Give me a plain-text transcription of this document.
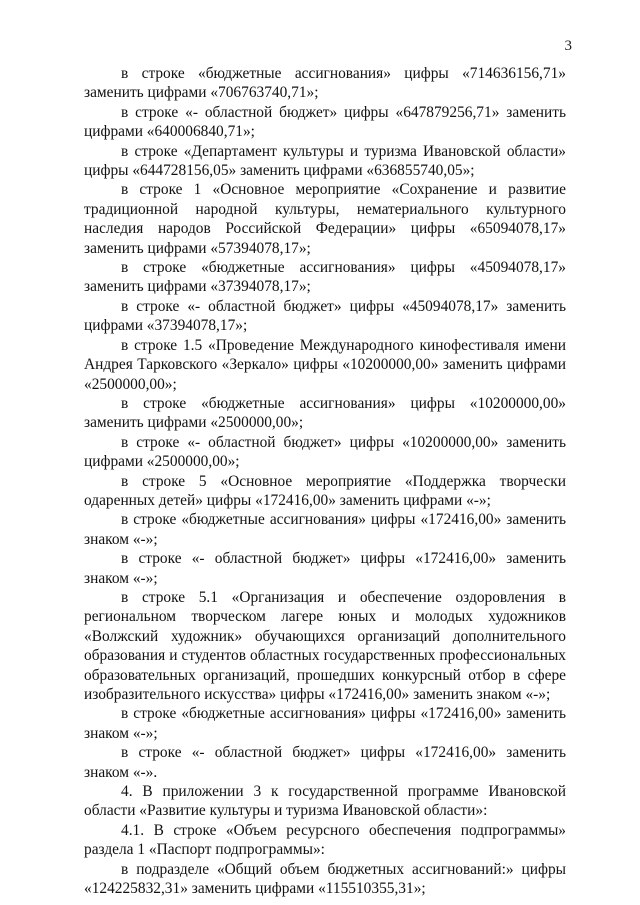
3

в строке «бюджетные ассигнования» цифры «714636156,71» заменить цифрами «706763740,71»;

в строке «- областной бюджет» цифры «647879256,71» заменить цифрами «640006840,71»;

в строке «Департамент культуры и туризма Ивановской области» цифры «644728156,05» заменить цифрами «636855740,05»;

в строке 1 «Основное мероприятие «Сохранение и развитие традиционной народной культуры, нематериального культурного наследия народов Российской Федерации» цифры «65094078,17» заменить цифрами «57394078,17»;

в строке «бюджетные ассигнования» цифры «45094078,17» заменить цифрами «37394078,17»;

в строке «- областной бюджет» цифры «45094078,17» заменить цифрами «37394078,17»;

в строке 1.5 «Проведение Международного кинофестиваля имени Андрея Тарковского «Зеркало» цифры «10200000,00» заменить цифрами «2500000,00»;

в строке «бюджетные ассигнования» цифры «10200000,00» заменить цифрами «2500000,00»;

в строке «- областной бюджет» цифры «10200000,00» заменить цифрами «2500000,00»;

в строке 5 «Основное мероприятие «Поддержка творчески одаренных детей» цифры «172416,00» заменить цифрами «-»;

в строке «бюджетные ассигнования» цифры «172416,00» заменить знаком «-»;

в строке «- областной бюджет» цифры «172416,00» заменить знаком «-»;

в строке 5.1 «Организация и обеспечение оздоровления в региональном творческом лагере юных и молодых художников «Волжский художник» обучающихся организаций дополнительного образования и студентов областных государственных профессиональных образовательных организаций, прошедших конкурсный отбор в сфере изобразительного искусства» цифры «172416,00» заменить знаком «-»;

в строке «бюджетные ассигнования» цифры «172416,00» заменить знаком «-»;

в строке «- областной бюджет» цифры «172416,00» заменить знаком «-».

4. В приложении 3 к государственной программе Ивановской области «Развитие культуры и туризма Ивановской области»:

4.1. В строке «Объем ресурсного обеспечения подпрограммы» раздела 1 «Паспорт подпрограммы»:

в подразделе «Общий объем бюджетных ассигнований:» цифры «124225832,31» заменить цифрами «115510355,31»;
